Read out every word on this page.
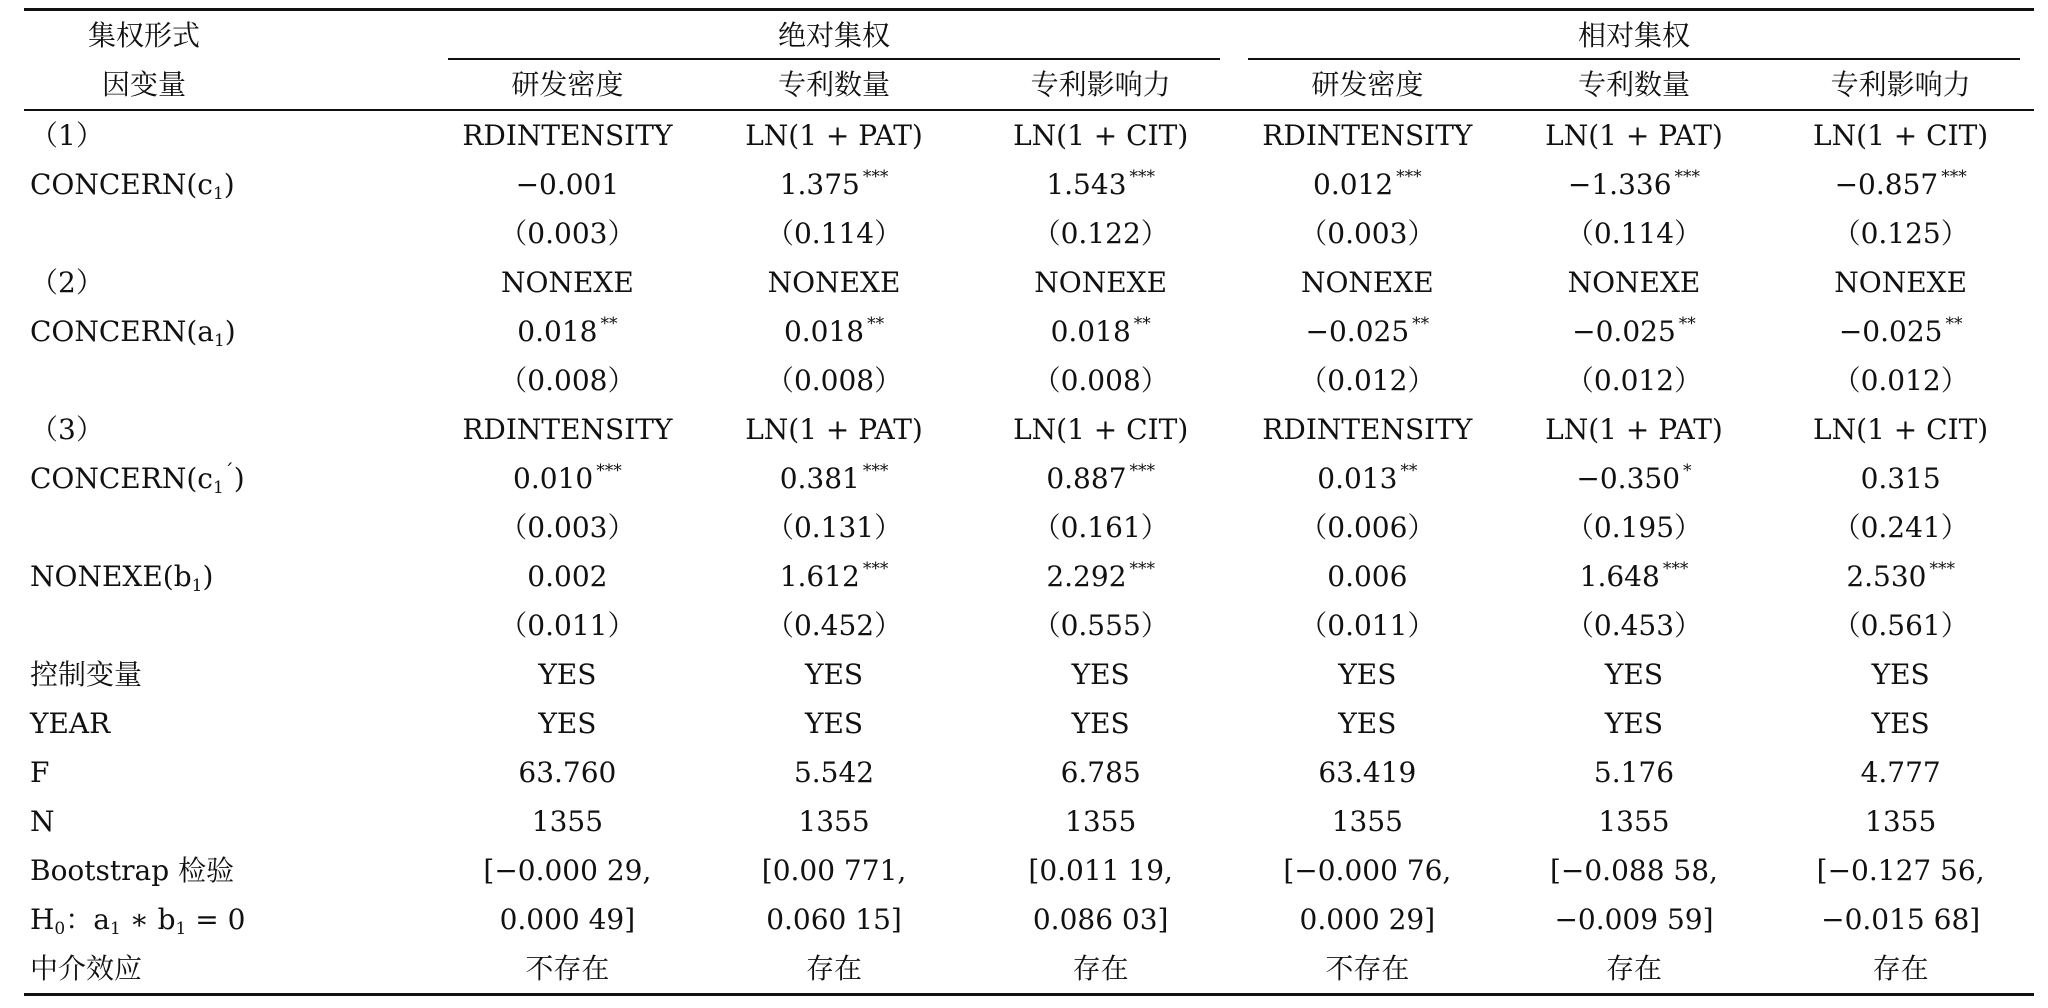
集权形式	绝对集权			相对集权		

因变量	研发密度	专利数量	专利影响力	研发密度	专利数量	专利影响力
（1）	RDINTENSITY	LN(1 + PAT)	LN(1 + CIT)	RDINTENSITY	LN(1 + PAT)	LN(1 + CIT)
$CONCERN(c_1)$	−0.001	1.375 ***	1.543 ***	0.012 ***	−1.336 ***	−0.857 ***
	（0.003）	（0.114）	（0.122）	（0.003）	（0.114）	（0.125）
（2）	NONEXE	NONEXE	NONEXE	NONEXE	NONEXE	NONEXE
$CONCERN(a_1)$	0.018 **	0.018 **	0.018 **	−0.025 **	−0.025 **	−0.025 **
	（0.008）	（0.008）	（0.008）	（0.012）	（0.012）	（0.012）
（3）	RDINTENSITY	LN(1 + PAT)	LN(1 + CIT)	RDINTENSITY	LN(1 + PAT)	LN(1 + CIT)
$CONCERN(c_1^´)$	0.010 ***	0.381 ***	0.887 ***	0.013 **	−0.350 *	0.315
	（0.003）	（0.131）	（0.161）	（0.006）	（0.195）	（0.241）
$NONEXE(b_1)$	0.002	1.612 ***	2.292 ***	0.006	1.648 ***	2.530 ***
	（0.011）	（0.452）	（0.555）	（0.011）	（0.453）	（0.561）
控制变量	YES	YES	YES	YES	YES	YES
YEAR	YES	YES	YES	YES	YES	YES
F	63.760	5.542	6.785	63.419	5.176	4.777
N	1355	1355	1355	1355	1355	1355
Bootstrap 检验	[−0.000 29,	[0.00 771,	[0.011 19,	[−0.000 76,	[−0.088 58,	[−0.127 56,
$H_0$：$a_1$ ∗ $b_1 = 0$	0.000 49]	0.060 15]	0.086 03]	0.000 29]	−0.009 59]	−0.015 68]
中介效应	不存在	存在	存在	不存在	存在	存在
